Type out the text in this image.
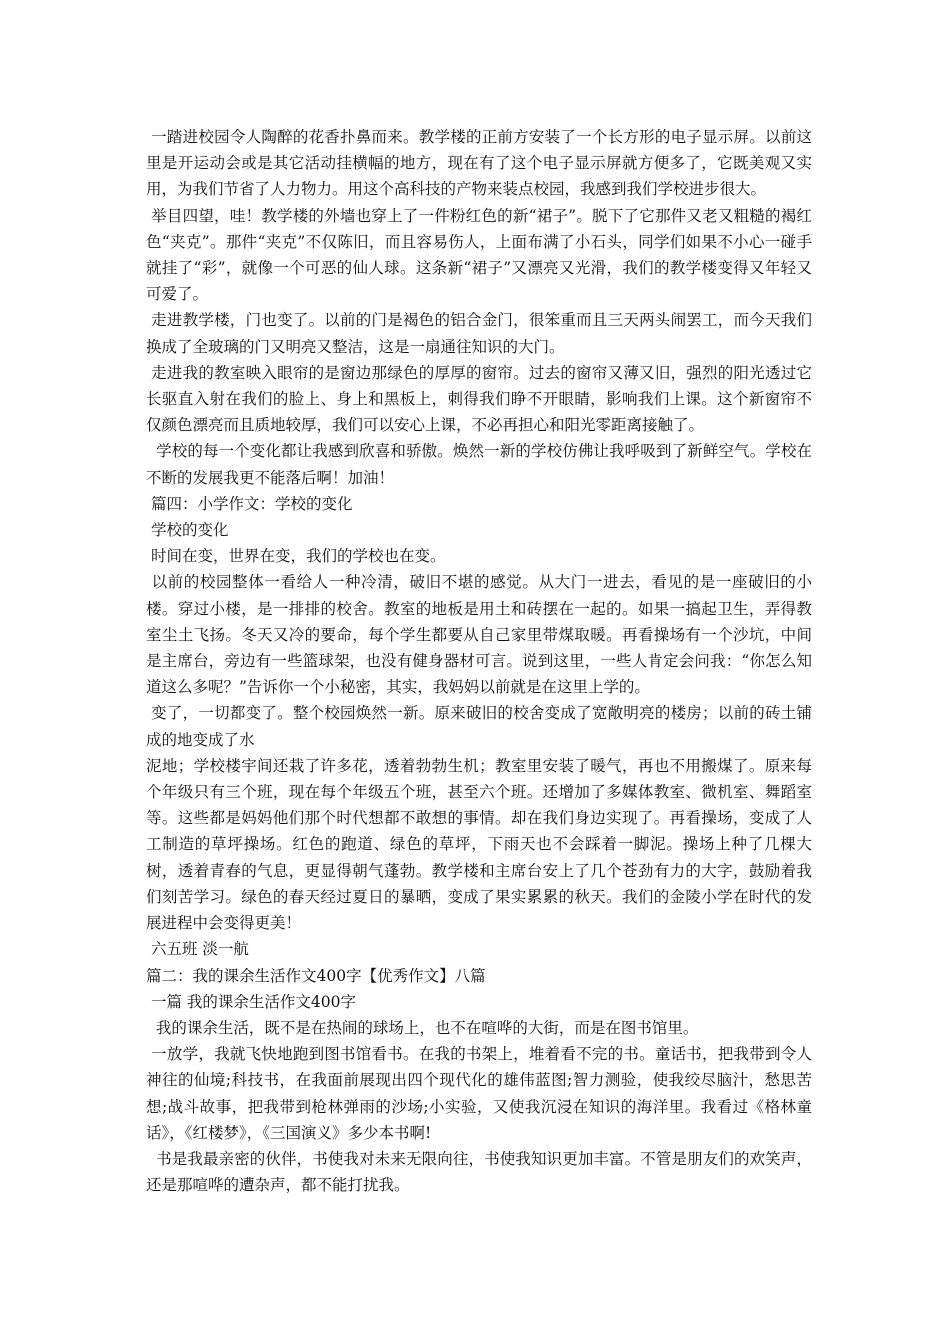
一踏进校园令人陶醉的花香扑鼻而来。教学楼的正前方安装了一个长方形的电子显示屏。以前这里是开运动会或是其它活动挂横幅的地方，现在有了这个电子显示屏就方便多了，它既美观又实用，为我们节省了人力物力。用这个高科技的产物来装点校园，我感到我们学校进步很大。

举目四望，哇！教学楼的外墙也穿上了一件粉红色的新“裙子”。脱下了它那件又老又粗糙的褐红色“夹克”。那件“夹克”不仅陈旧，而且容易伤人，上面布满了小石头，同学们如果不小心一碰手就挂了“彩”，就像一个可恶的仙人球。这条新“裙子”又漂亮又光滑，我们的教学楼变得又年轻又可爱了。

走进教学楼，门也变了。以前的门是褐色的铝合金门，很笨重而且三天两头闹罢工，而今天我们换成了全玻璃的门又明亮又整洁，这是一扇通往知识的大门。

走进我的教室映入眼帘的是窗边那绿色的厚厚的窗帘。过去的窗帘又薄又旧，强烈的阳光透过它长驱直入射在我们的脸上、身上和黑板上，刺得我们睁不开眼睛，影响我们上课。这个新窗帘不仅颜色漂亮而且质地较厚，我们可以安心上课，不必再担心和阳光零距离接触了。

学校的每一个变化都让我感到欣喜和骄傲。焕然一新的学校仿佛让我呼吸到了新鲜空气。学校在不断的发展我更不能落后啊！加油！

篇四：小学作文：学校的变化

学校的变化

时间在变，世界在变，我们的学校也在变。

以前的校园整体一看给人一种冷清，破旧不堪的感觉。从大门一进去，看见的是一座破旧的小楼。穿过小楼，是一排排的校舍。教室的地板是用土和砖摆在一起的。如果一搞起卫生，弄得教室尘土飞扬。冬天又冷的要命，每个学生都要从自己家里带煤取暖。再看操场有一个沙坑，中间是主席台，旁边有一些篮球架，也没有健身器材可言。说到这里，一些人肯定会问我：“你怎么知道这么多呢？”告诉你一个小秘密，其实，我妈妈以前就是在这里上学的。

变了，一切都变了。整个校园焕然一新。原来破旧的校舍变成了宽敞明亮的楼房；以前的砖土铺成的地变成了水

泥地；学校楼宇间还栽了许多花，透着勃勃生机；教室里安装了暖气，再也不用搬煤了。原来每个年级只有三个班，现在每个年级五个班，甚至六个班。还增加了多媒体教室、微机室、舞蹈室等。这些都是妈妈他们那个时代想都不敢想的事情。却在我们身边实现了。再看操场，变成了人工制造的草坪操场。红色的跑道、绿色的草坪，下雨天也不会踩着一脚泥。操场上种了几棵大树，透着青春的气息，更显得朝气蓬勃。教学楼和主席台安上了几个苍劲有力的大字，鼓励着我们刻苦学习。绿色的春天经过夏日的暴晒，变成了果实累累的秋天。我们的金陵小学在时代的发展进程中会变得更美！

六五班 淡一航

篇二：我的课余生活作文400字【优秀作文】八篇

一篇 我的课余生活作文400字

我的课余生活，既不是在热闹的球场上，也不在喧哗的大街，而是在图书馆里。

一放学，我就飞快地跑到图书馆看书。在我的书架上，堆着看不完的书。童话书，把我带到令人神往的仙境;科技书，在我面前展现出四个现代化的雄伟蓝图;智力测验，使我绞尽脑汁，愁思苦想;战斗故事，把我带到枪林弹雨的沙场;小实验，又使我沉浸在知识的海洋里。我看过《格林童话》，《红楼梦》，《三国演义》多少本书啊!

书是我最亲密的伙伴，书使我对未来无限向往，书使我知识更加丰富。不管是朋友们的欢笑声，还是那喧哗的遭杂声，都不能打扰我。
